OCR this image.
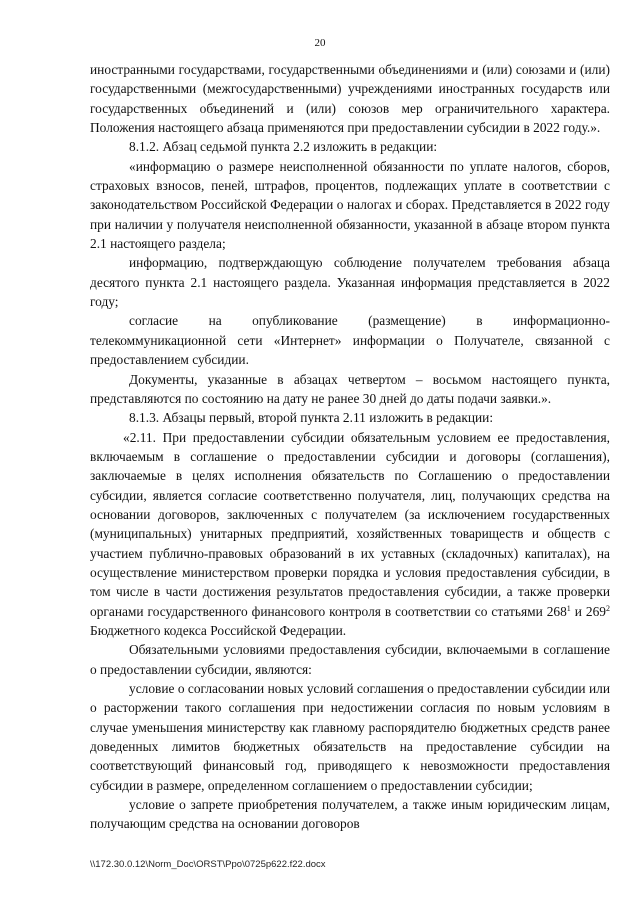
20

иностранными государствами, государственными объединениями и (или) союзами и (или) государственными (межгосударственными) учреждениями иностранных государств или государственных объединений и (или) союзов мер ограничительного характера. Положения настоящего абзаца применяются при предоставлении субсидии в 2022 году.».

8.1.2. Абзац седьмой пункта 2.2 изложить в редакции:

«информацию о размере неисполненной обязанности по уплате налогов, сборов, страховых взносов, пеней, штрафов, процентов, подлежащих уплате в соответствии с законодательством Российской Федерации о налогах и сборах. Представляется в 2022 году при наличии у получателя неисполненной обязанности, указанной в абзаце втором пункта 2.1 настоящего раздела;

информацию, подтверждающую соблюдение получателем требования абзаца десятого пункта 2.1 настоящего раздела. Указанная информация представляется в 2022 году;

согласие на опубликование (размещение) в информационно-телекоммуникационной сети «Интернет» информации о Получателе, связанной с предоставлением субсидии.

Документы, указанные в абзацах четвертом – восьмом настоящего пункта, представляются по состоянию на дату не ранее 30 дней до даты подачи заявки.».

8.1.3. Абзацы первый, второй пункта 2.11 изложить в редакции:

«2.11. При предоставлении субсидии обязательным условием ее предоставления, включаемым в соглашение о предоставлении субсидии и договоры (соглашения), заключаемые в целях исполнения обязательств по Соглашению о предоставлении субсидии, является согласие соответственно получателя, лиц, получающих средства на основании договоров, заключенных с получателем (за исключением государственных (муниципальных) унитарных предприятий, хозяйственных товариществ и обществ с участием публично-правовых образований в их уставных (складочных) капиталах), на осуществление министерством проверки порядка и условия предоставления субсидии, в том числе в части достижения результатов предоставления субсидии, а также проверки органами государственного финансового контроля в соответствии со статьями $268^1$ и $269^2$ Бюджетного кодекса Российской Федерации.

Обязательными условиями предоставления субсидии, включаемыми в соглашение о предоставлении субсидии, являются:

условие о согласовании новых условий соглашения о предоставлении субсидии или о расторжении такого соглашения при недостижении согласия по новым условиям в случае уменьшения министерству как главному распорядителю бюджетных средств ранее доведенных лимитов бюджетных обязательств на предоставление субсидии на соответствующий финансовый год, приводящего к невозможности предоставления субсидии в размере, определенном соглашением о предоставлении субсидии;

условие о запрете приобретения получателем, а также иным юридическим лицам, получающим средства на основании договоров

\\172.30.0.12\Norm_Doc\ORST\Ppo\0725p622.f22.docx
